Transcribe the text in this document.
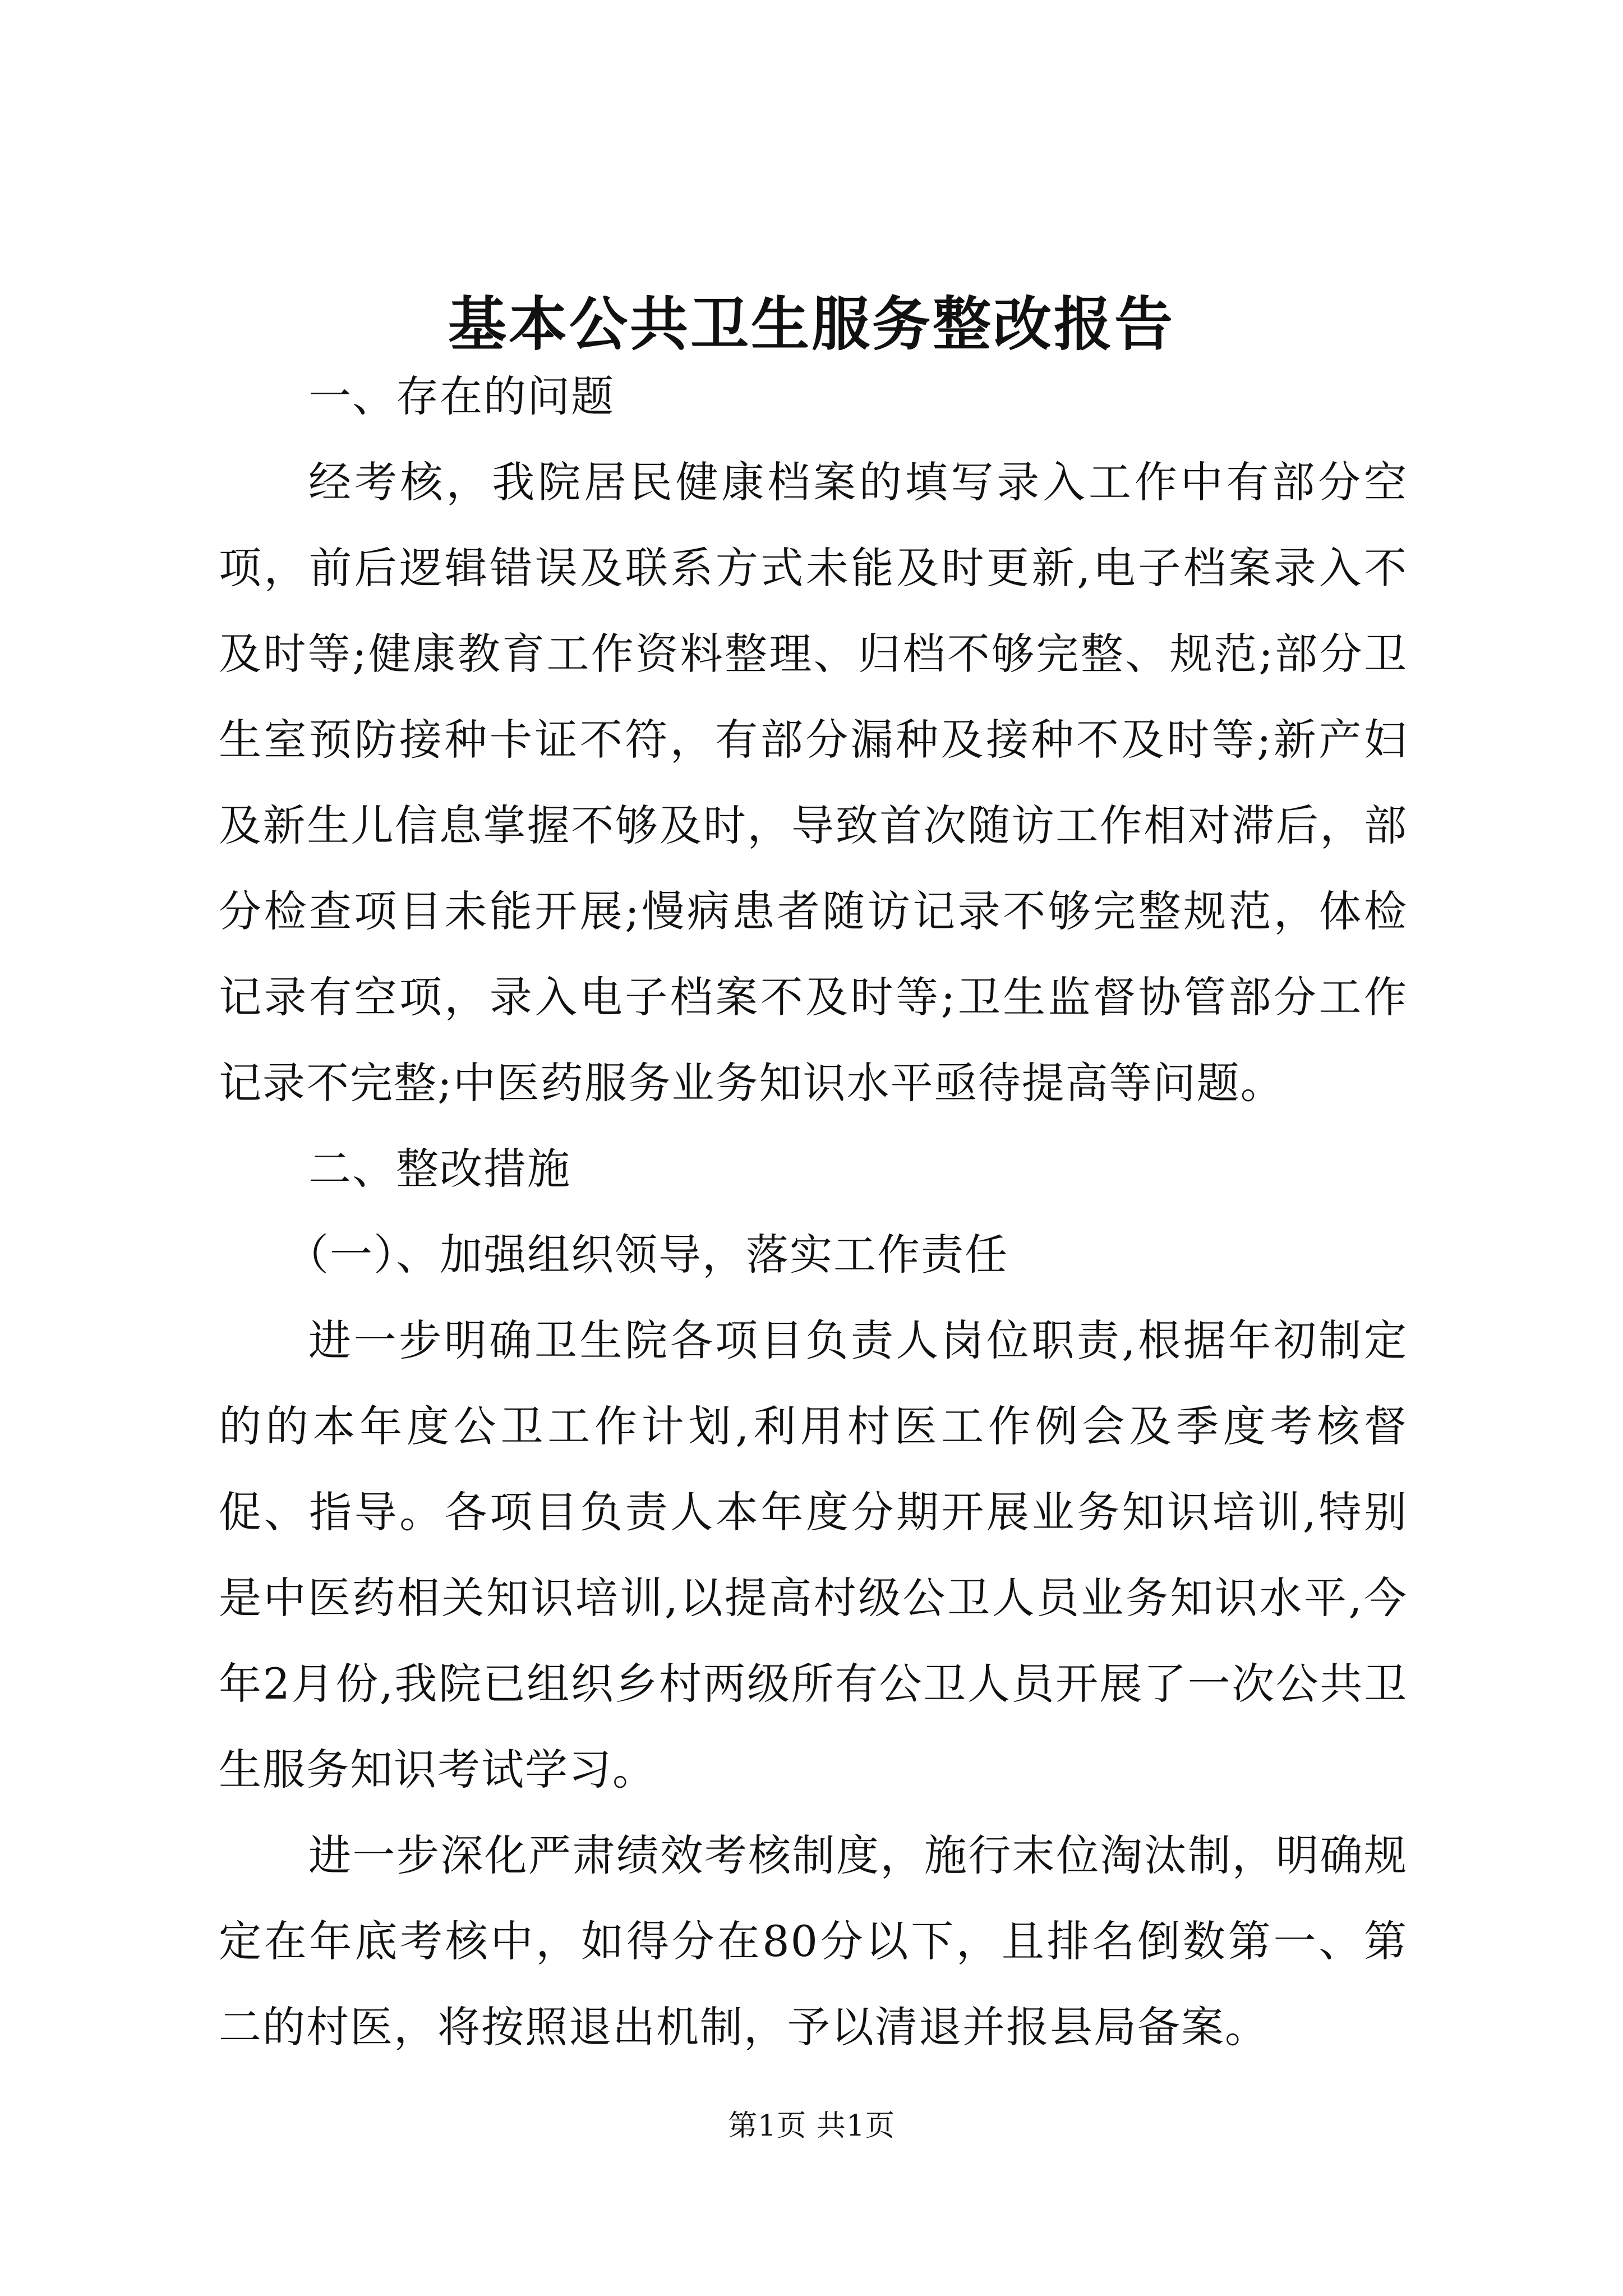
基本公共卫生服务整改报告
一、存在的问题
经考核，我院居民健康档案的填写录入工作中有部分空项，前后逻辑错误及联系方式未能及时更新,电子档案录入不及时等;健康教育工作资料整理、归档不够完整、规范;部分卫生室预防接种卡证不符，有部分漏种及接种不及时等;新产妇及新生儿信息掌握不够及时，导致首次随访工作相对滞后，部分检查项目未能开展;慢病患者随访记录不够完整规范，体检记录有空项，录入电子档案不及时等;卫生监督协管部分工作记录不完整;中医药服务业务知识水平亟待提高等问题。
二、整改措施
（一）、加强组织领导，落实工作责任
进一步明确卫生院各项目负责人岗位职责,根据年初制定的的本年度公卫工作计划,利用村医工作例会及季度考核督促、指导。各项目负责人本年度分期开展业务知识培训,特别是中医药相关知识培训,以提高村级公卫人员业务知识水平,今年2月份,我院已组织乡村两级所有公卫人员开展了一次公共卫生服务知识考试学习。
进一步深化严肃绩效考核制度，施行末位淘汰制，明确规定在年底考核中，如得分在80分以下，且排名倒数第一、第二的村医，将按照退出机制，予以清退并报县局备案。
第1页 共1页
